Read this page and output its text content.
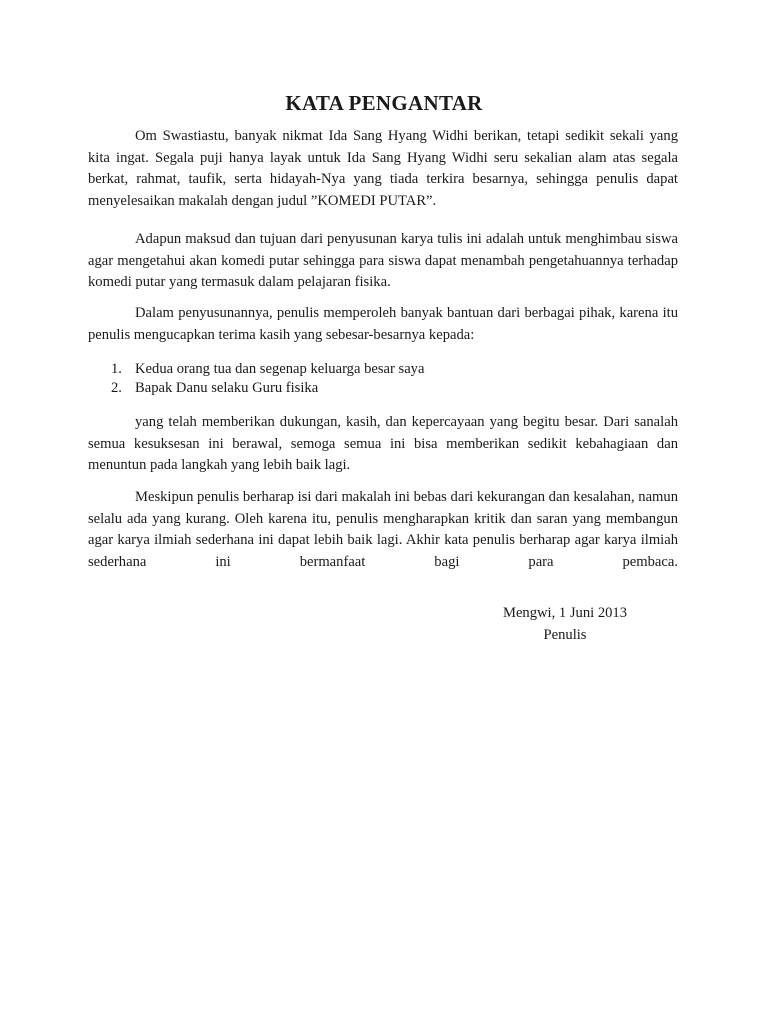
KATA PENGANTAR

Om Swastiastu, banyak nikmat Ida Sang Hyang Widhi berikan, tetapi sedikit sekali yang kita ingat. Segala puji hanya layak untuk Ida Sang Hyang Widhi seru sekalian alam atas segala berkat, rahmat, taufik, serta hidayah-Nya yang tiada terkira besarnya, sehingga penulis dapat menyelesaikan makalah dengan judul ”KOMEDI PUTAR”.

Adapun maksud dan tujuan dari penyusunan karya tulis ini adalah untuk menghimbau siswa agar mengetahui akan komedi putar sehingga para siswa dapat menambah pengetahuannya terhadap komedi putar yang termasuk dalam pelajaran fisika.

Dalam penyusunannya, penulis memperoleh banyak bantuan dari berbagai pihak, karena itu penulis mengucapkan terima kasih yang sebesar-besarnya kepada:

1. Kedua orang tua dan segenap keluarga besar saya
2. Bapak Danu selaku Guru fisika

yang telah memberikan dukungan, kasih, dan kepercayaan yang begitu besar. Dari sanalah semua kesuksesan ini berawal, semoga semua ini bisa memberikan sedikit kebahagiaan dan menuntun pada langkah yang lebih baik lagi.

Meskipun penulis berharap isi dari makalah ini bebas dari kekurangan dan kesalahan, namun selalu ada yang kurang. Oleh karena itu, penulis mengharapkan kritik dan saran yang membangun agar karya ilmiah sederhana ini dapat lebih baik lagi. Akhir kata penulis berharap agar karya ilmiah sederhana ini bermanfaat bagi para pembaca.

Mengwi, 1 Juni 2013
Penulis
